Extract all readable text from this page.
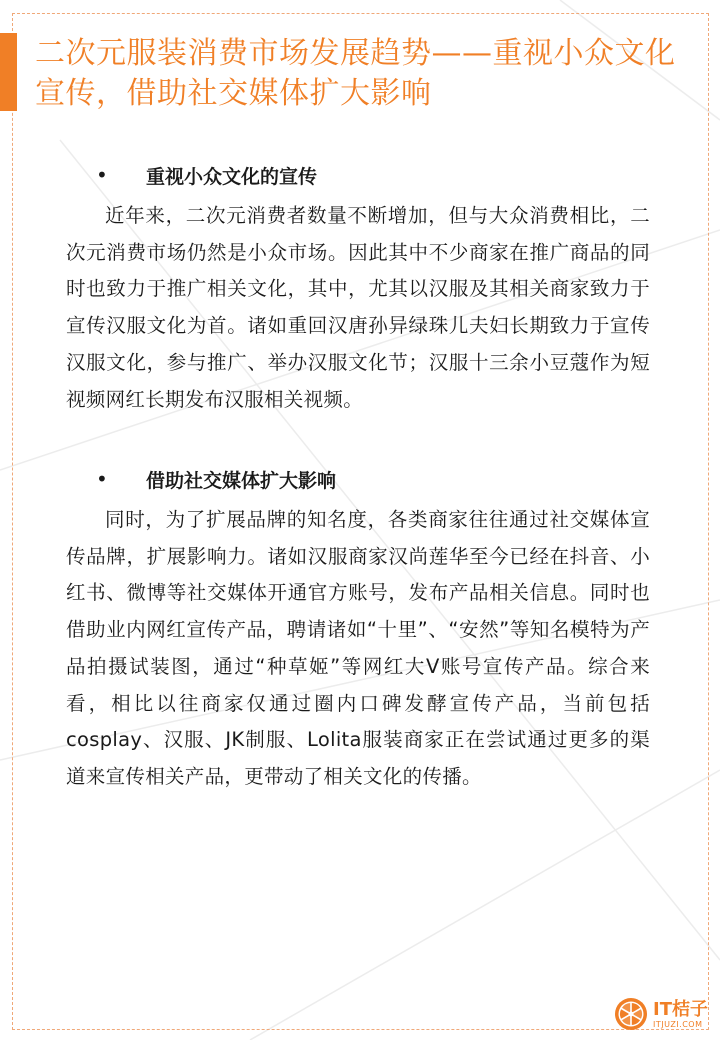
二次元服装消费市场发展趋势——重视小众文化宣传，借助社交媒体扩大影响
•	重视小众文化的宣传

近年来，二次元消费者数量不断增加，但与大众消费相比，二次元消费市场仍然是小众市场。因此其中不少商家在推广商品的同时也致力于推广相关文化，其中，尤其以汉服及其相关商家致力于宣传汉服文化为首。诸如重回汉唐孙异绿珠儿夫妇长期致力于宣传汉服文化，参与推广、举办汉服文化节；汉服十三余小豆蔻作为短视频网红长期发布汉服相关视频。

•	借助社交媒体扩大影响

同时，为了扩展品牌的知名度，各类商家往往通过社交媒体宣传品牌，扩展影响力。诸如汉服商家汉尚莲华至今已经在抖音、小红书、微博等社交媒体开通官方账号，发布产品相关信息。同时也借助业内网红宣传产品，聘请诸如“十里”、“安然”等知名模特为产品拍摄试装图，通过“种草姬”等网红大V账号宣传产品。综合来看，相比以往商家仅通过圈内口碑发酵宣传产品，当前包括cosplay、汉服、JK制服、Lolita服装商家正在尝试通过更多的渠道来宣传相关产品，更带动了相关文化的传播。

IT桔子
ITJUZI.COM
